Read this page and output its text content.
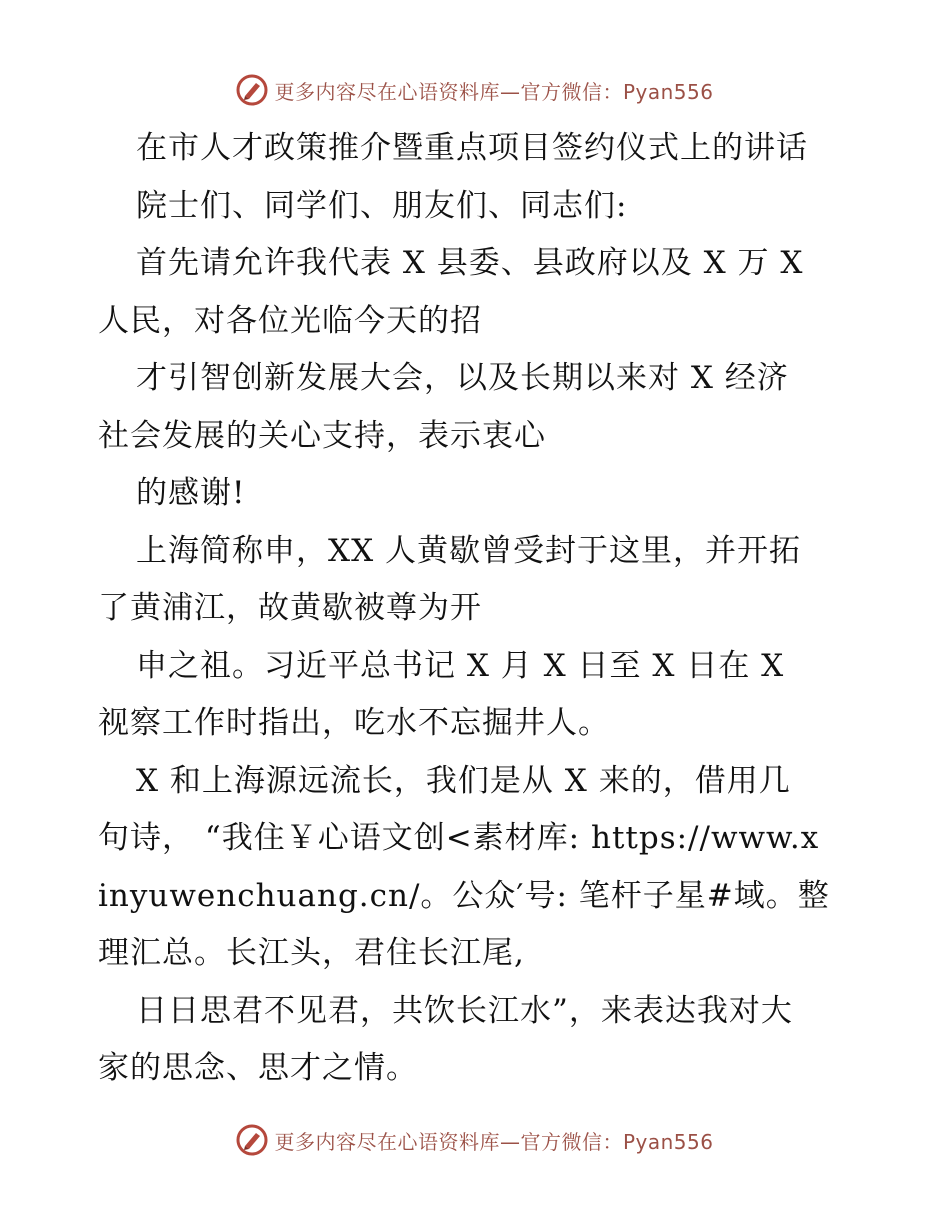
更多内容尽在心语资料库—官方微信：Pyan556
在市人才政策推介暨重点项目签约仪式上的讲话
院士们、同学们、朋友们、同志们:
首先请允许我代表 X 县委、县政府以及 X 万 X
人民，对各位光临今天的招
才引智创新发展大会，以及长期以来对 X 经济
社会发展的关心支持，表示衷心
的感谢!
上海简称申，XX 人黄歇曾受封于这里，并开拓
了黄浦江，故黄歇被尊为开
申之祖。习近平总书记 X 月 X 日至 X 日在 X
视察工作时指出，吃水不忘掘井人。
X 和上海源远流长，我们是从 X 来的，借用几
句诗， “我住￥心语文创<素材库: https://www.x
inyuwenchuang.cn/。公众′号: 笔杆子星#域。整
理汇总。长江头，君住长江尾,
日日思君不见君，共饮长江水”，来表达我对大
家的思念、思才之情。
更多内容尽在心语资料库—官方微信：Pyan556
